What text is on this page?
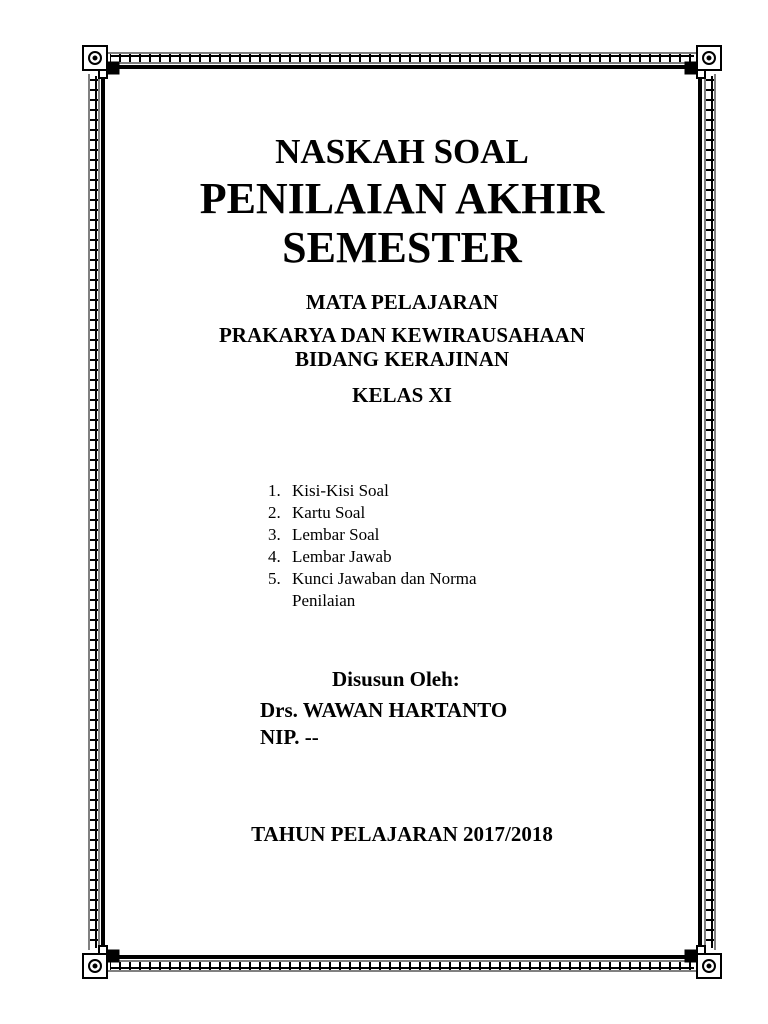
NASKAH SOAL
PENILAIAN AKHIR
SEMESTER
MATA PELAJARAN
PRAKARYA DAN KEWIRAUSAHAAN
BIDANG KERAJINAN
KELAS XI
1. Kisi-Kisi Soal
2. Kartu Soal
3. Lembar Soal
4. Lembar Jawab
5. Kunci Jawaban dan Norma Penilaian
Disusun Oleh:
Drs. WAWAN HARTANTO
NIP. --
TAHUN PELAJARAN 2017/2018
